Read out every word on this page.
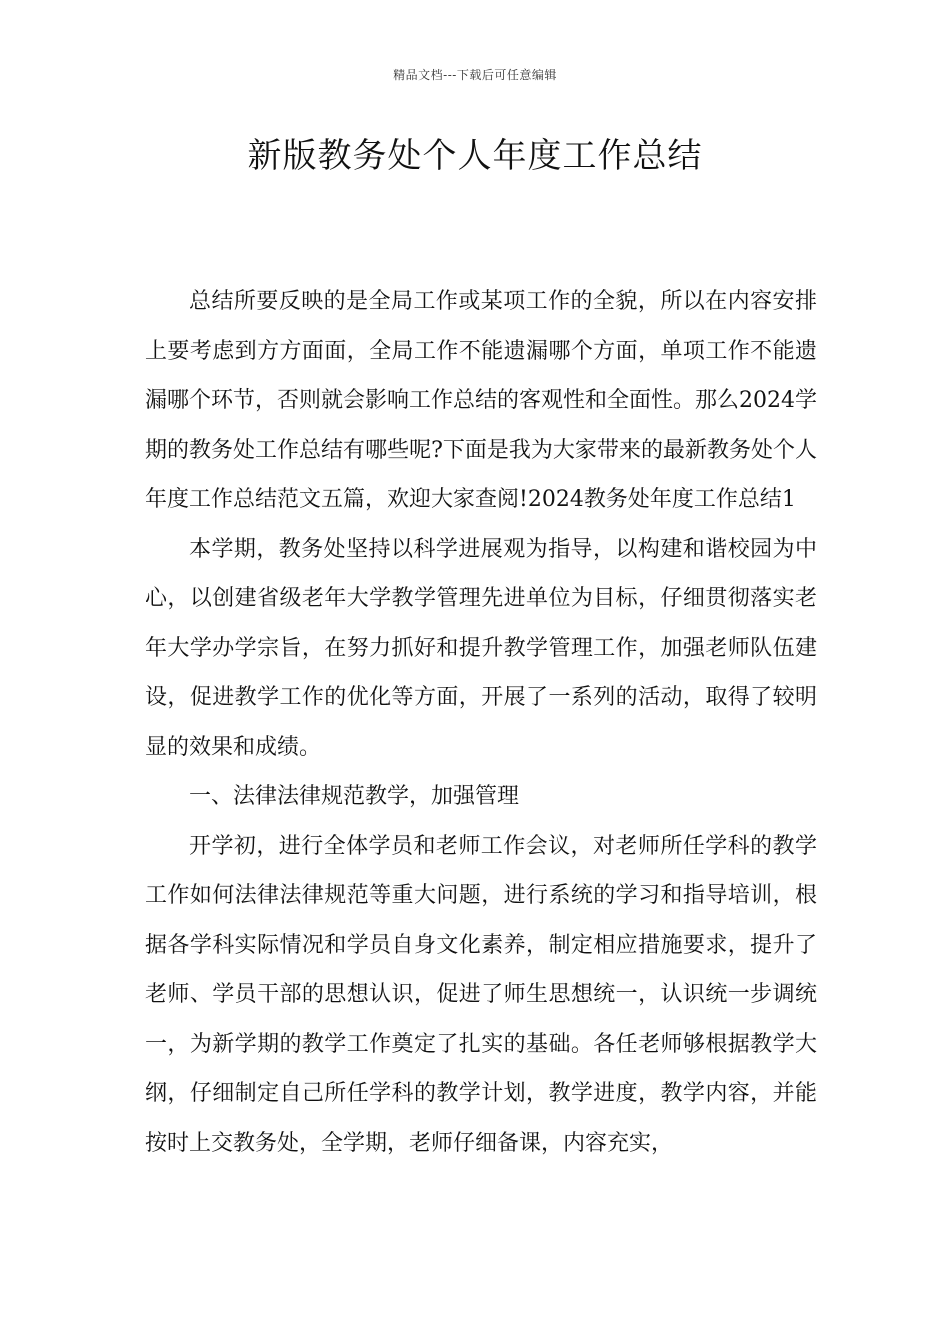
精品文档---下载后可任意编辑
新版教务处个人年度工作总结

总结所要反映的是全局工作或某项工作的全貌，所以在内容安排上要考虑到方方面面，全局工作不能遗漏哪个方面，单项工作不能遗漏哪个环节，否则就会影响工作总结的客观性和全面性。那么2024学期的教务处工作总结有哪些呢?下面是我为大家带来的最新教务处个人年度工作总结范文五篇，欢迎大家查阅!2024教务处年度工作总结1

本学期，教务处坚持以科学进展观为指导，以构建和谐校园为中心，以创建省级老年大学教学管理先进单位为目标，仔细贯彻落实老年大学办学宗旨，在努力抓好和提升教学管理工作，加强老师队伍建设，促进教学工作的优化等方面，开展了一系列的活动，取得了较明显的效果和成绩。

一、法律法律规范教学，加强管理

开学初，进行全体学员和老师工作会议，对老师所任学科的教学工作如何法律法律规范等重大问题，进行系统的学习和指导培训，根据各学科实际情况和学员自身文化素养，制定相应措施要求，提升了老师、学员干部的思想认识，促进了师生思想统一，认识统一步调统一，为新学期的教学工作奠定了扎实的基础。各任老师够根据教学大纲，仔细制定自己所任学科的教学计划，教学进度，教学内容，并能按时上交教务处，全学期，老师仔细备课，内容充实，
